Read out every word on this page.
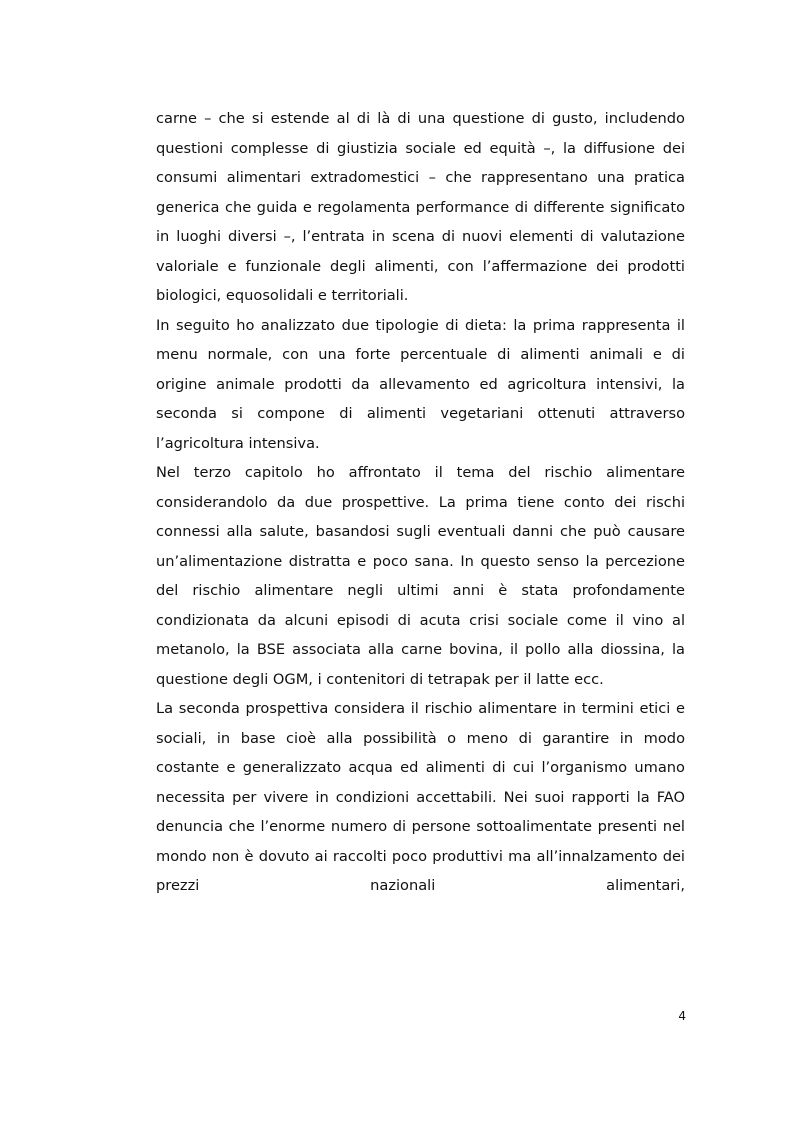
carne – che si estende al di là di una questione di gusto, includendo questioni complesse di giustizia sociale ed equità –, la diffusione dei consumi alimentari extradomestici – che rappresentano una pratica generica che guida e regolamenta performance di differente significato in luoghi diversi –, l’entrata in scena di nuovi elementi di valutazione valoriale e funzionale degli alimenti, con l’affermazione dei prodotti biologici, equosolidali e territoriali.

In seguito ho analizzato due tipologie di dieta: la prima rappresenta il menu normale, con una forte percentuale di alimenti animali e di origine animale prodotti da allevamento ed agricoltura intensivi, la seconda si compone di alimenti vegetariani ottenuti attraverso l’agricoltura intensiva.

Nel terzo capitolo ho affrontato il tema del rischio alimentare considerandolo da due prospettive. La prima tiene conto dei rischi connessi alla salute, basandosi sugli eventuali danni che può causare un’alimentazione distratta e poco sana. In questo senso la percezione del rischio alimentare negli ultimi anni è stata profondamente condizionata da alcuni episodi di acuta crisi sociale come il vino al metanolo, la BSE associata alla carne bovina, il pollo alla diossina, la questione degli OGM, i contenitori di tetrapak per il latte ecc.

La seconda prospettiva considera il rischio alimentare in termini etici e sociali, in base cioè alla possibilità o meno di garantire in modo costante e generalizzato acqua ed alimenti di cui l’organismo umano necessita per vivere in condizioni accettabili. Nei suoi rapporti la FAO denuncia che l’enorme numero di persone sottoalimentate presenti nel mondo non è dovuto ai raccolti poco produttivi ma all’innalzamento dei prezzi nazionali alimentari,

4
